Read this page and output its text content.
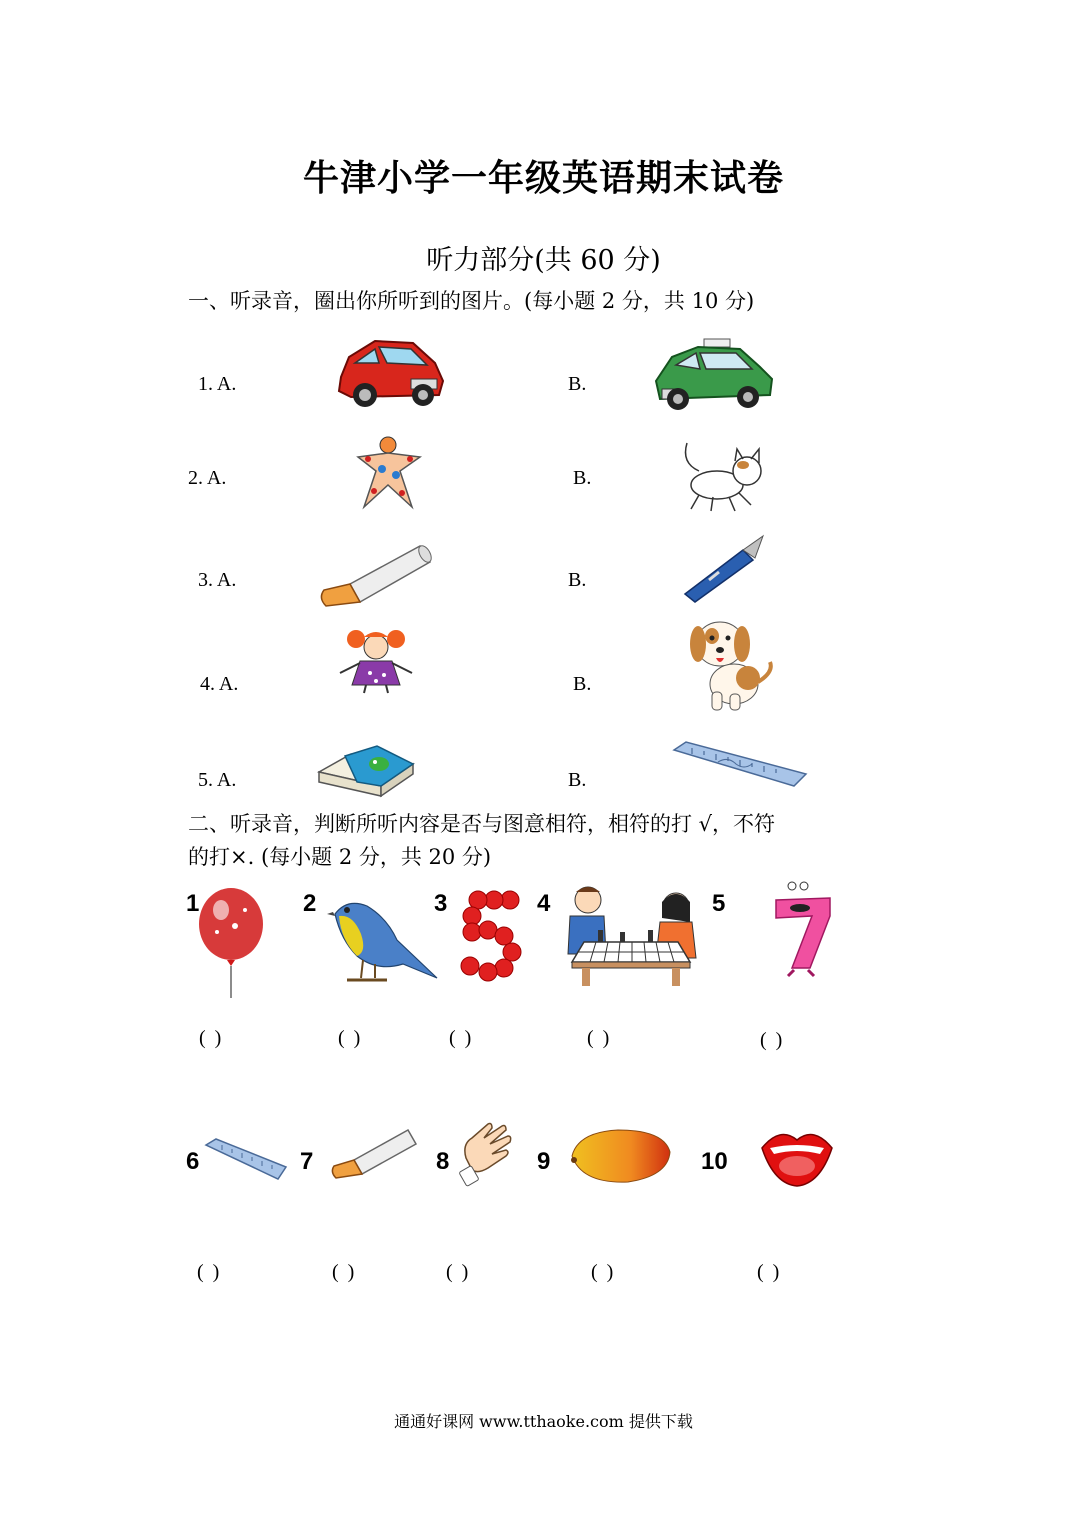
牛津小学一年级英语期末试卷
听力部分(共 60 分)
一、听录音，圈出你所听到的图片。(每小题 2 分，共 10 分)
1. A.	B.
2. A.	B.
3. A.	B.
4. A.	B.
5. A.	B.
二、听录音，判断所听内容是否与图意相符，相符的打 √，不符
的打×. (每小题 2 分，共 20 分)
1	2	3	4	5
( )	( )	( )	( )	( )
6	7	8	9	10
( )	( )	( )	( )	( )
通通好课网 www.tthaoke.com 提供下载
